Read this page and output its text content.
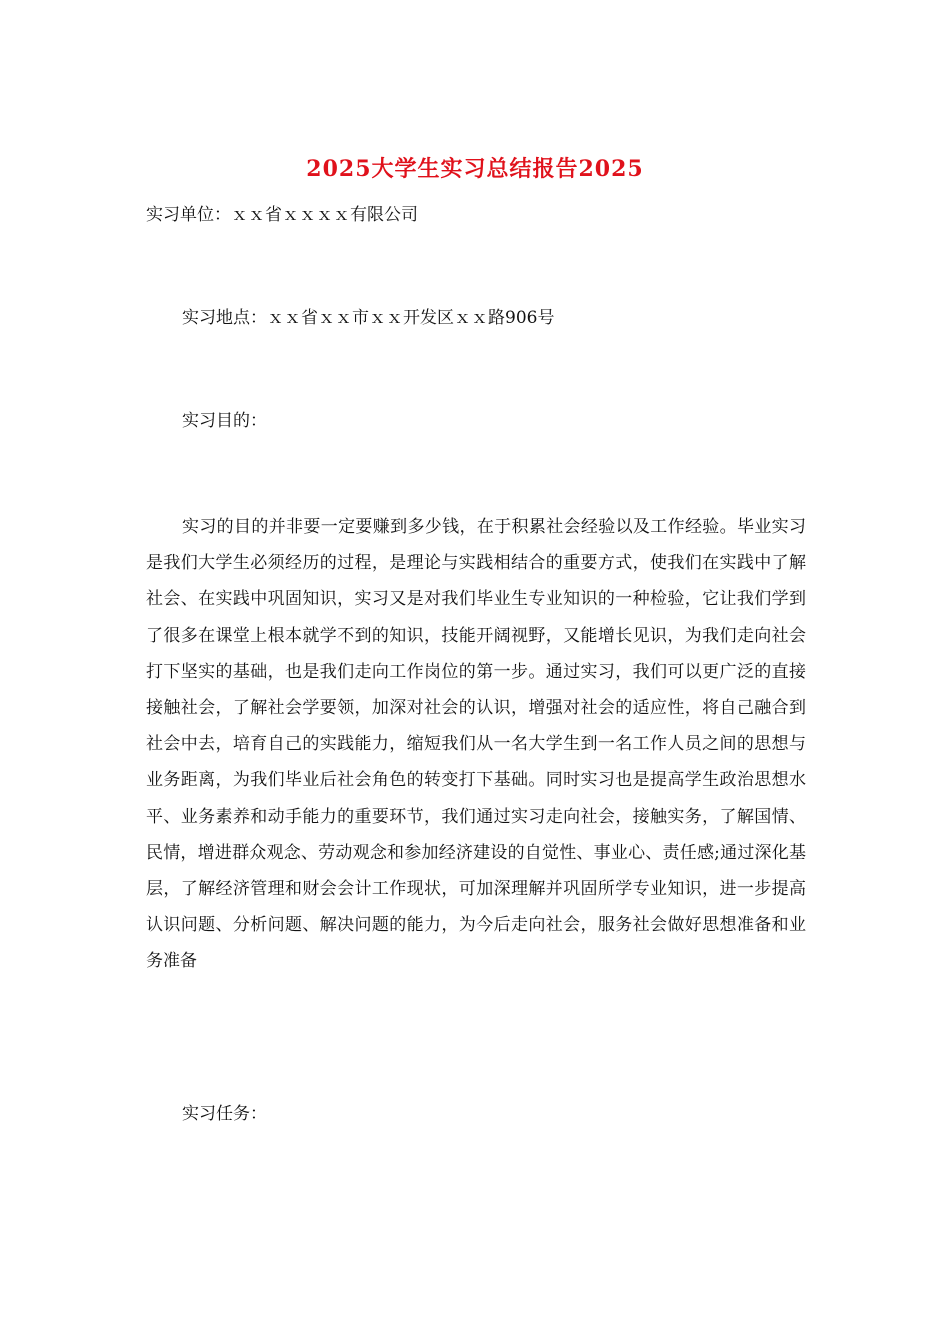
2025大学生实习总结报告2025
实习单位：ｘｘ省ｘｘｘｘ有限公司
实习地点：ｘｘ省ｘｘ市ｘｘ开发区ｘｘ路906号
实习目的：
实习的目的并非要一定要赚到多少钱，在于积累社会经验以及工作经验。毕业实习是我们大学生必须经历的过程，是理论与实践相结合的重要方式，使我们在实践中了解社会、在实践中巩固知识，实习又是对我们毕业生专业知识的一种检验，它让我们学到了很多在课堂上根本就学不到的知识，技能开阔视野，又能增长见识，为我们走向社会打下坚实的基础，也是我们走向工作岗位的第一步。通过实习，我们可以更广泛的直接接触社会，了解社会学要领，加深对社会的认识，增强对社会的适应性，将自己融合到社会中去，培育自己的实践能力，缩短我们从一名大学生到一名工作人员之间的思想与业务距离，为我们毕业后社会角色的转变打下基础。同时实习也是提高学生政治思想水平、业务素养和动手能力的重要环节，我们通过实习走向社会，接触实务，了解国情、民情，增进群众观念、劳动观念和参加经济建设的自觉性、事业心、责任感;通过深化基层，了解经济管理和财会会计工作现状，可加深理解并巩固所学专业知识，进一步提高认识问题、分析问题、解决问题的能力，为今后走向社会，服务社会做好思想准备和业务准备
实习任务：
